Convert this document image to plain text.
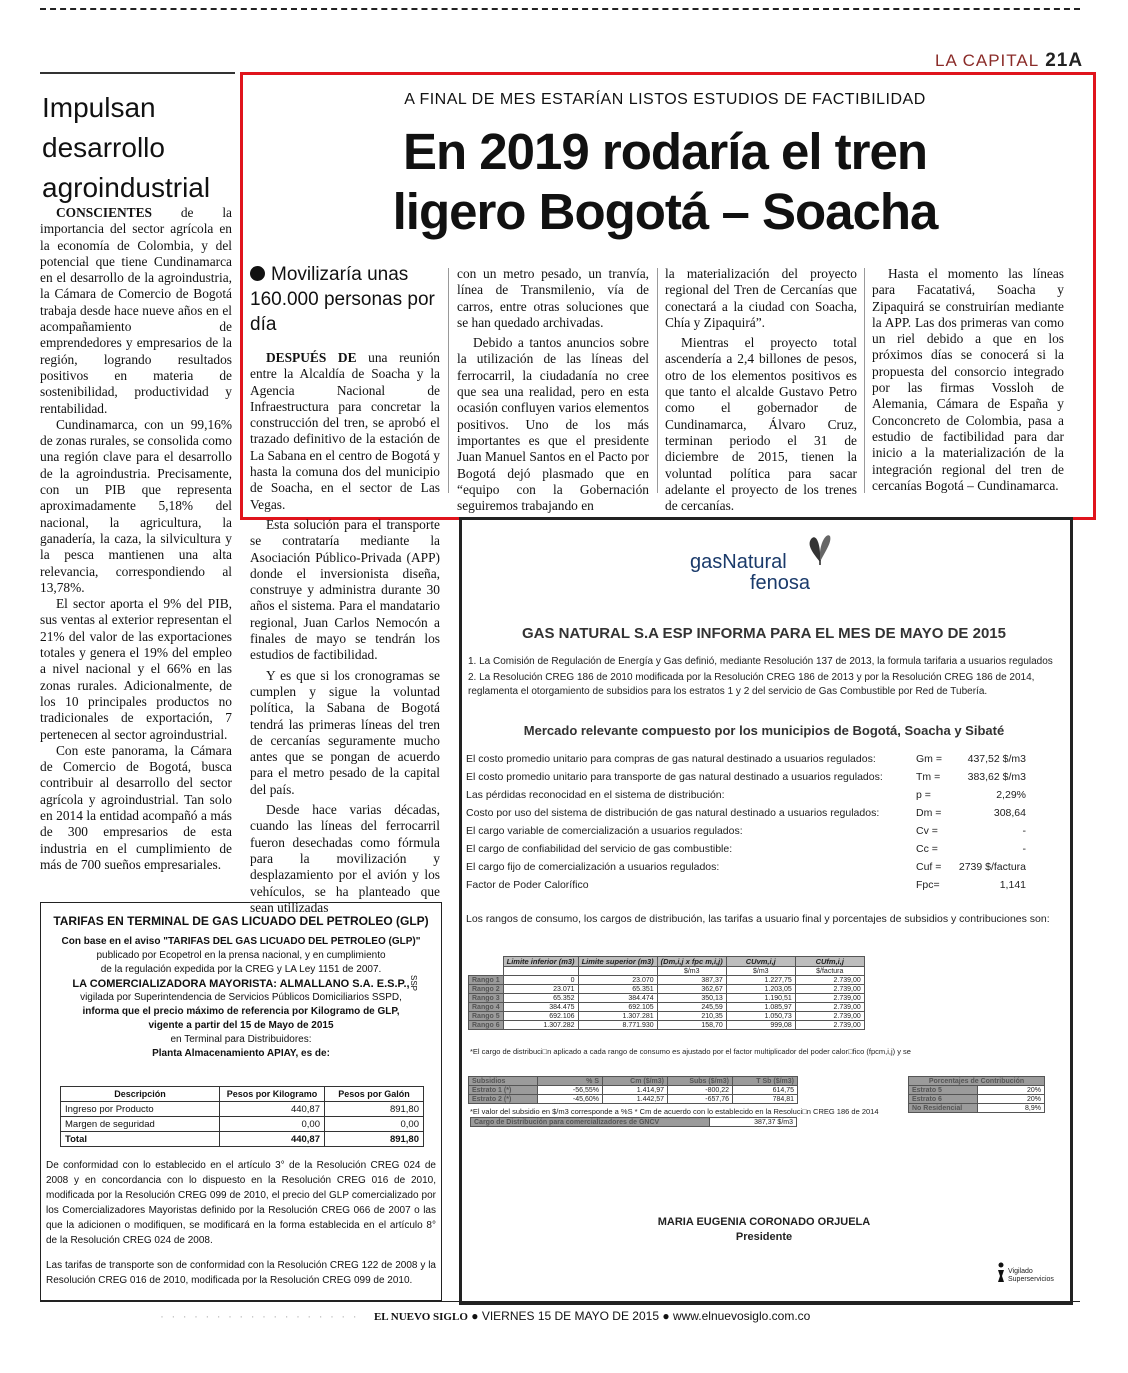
LA CAPITAL 21A
Impulsan desarrollo agroindustrial

CONSCIENTES de la importancia del sector agrícola en la economía de Colombia, y del potencial que tiene Cundinamarca en el desarrollo de la agroindustria, la Cámara de Comercio de Bogotá trabaja desde hace nueve años en el acompañamiento de emprendedores y empresarios de la región, logrando resultados positivos en materia de sostenibilidad, productividad y rentabilidad.

Cundinamarca, con un 99,16% de zonas rurales, se consolida como una región clave para el desarrollo de la agroindustria. Precisamente, con un PIB que representa aproximadamente 5,18% del nacional, la agricultura, la ganadería, la caza, la silvicultura y la pesca mantienen una alta relevancia, correspondiendo al 13,78%.

El sector aporta el 9% del PIB, sus ventas al exterior representan el 21% del valor de las exportaciones totales y genera el 19% del empleo a nivel nacional y el 66% en las zonas rurales. Adicionalmente, de los 10 principales productos no tradicionales de exportación, 7 pertenecen al sector agroindustrial.

Con este panorama, la Cámara de Comercio de Bogotá, busca contribuir al desarrollo del sector agrícola y agroindustrial. Tan solo en 2014 la entidad acompañó a más de 300 empresarios de esta industria en el cumplimiento de más de 700 sueños empresariales.

A FINAL DE MES ESTARÍAN LISTOS ESTUDIOS DE FACTIBILIDAD
En 2019 rodaría el tren
ligero Bogotá – Soacha
Movilizaría unas 160.000 personas por día

DESPUÉS DE una reunión entre la Alcaldía de Soacha y la Agencia Nacional de Infraestructura para concretar la construcción del tren, se aprobó el trazado definitivo de la estación de La Sabana en el centro de Bogotá y hasta la comuna dos del municipio de Soacha, en el sector de Las Vegas.

Esta solución para el transporte se contrataría mediante la Asociación Público-Privada (APP) donde el inversionista diseña, construye y administra durante 30 años el sistema. Para el mandatario regional, Juan Carlos Nemocón a finales de mayo se tendrán los estudios de factibilidad.

Y es que si los cronogramas se cumplen y sigue la voluntad política, la Sabana de Bogotá tendrá las primeras líneas del tren de cercanías seguramente mucho antes que se pongan de acuerdo para el metro pesado de la capital del país.

Desde hace varias décadas, cuando las líneas del ferrocarril fueron desechadas como fórmula para la movilización y desplazamiento por el avión y los vehículos, se ha planteado que sean utilizadas

con un metro pesado, un tranvía, línea de Transmilenio, vía de carros, entre otras soluciones que se han quedado archivadas.

Debido a tantos anuncios sobre la utilización de las líneas del ferrocarril, la ciudadanía no cree que sea una realidad, pero en esta ocasión confluyen varios elementos positivos. Uno de los más importantes es que el presidente Juan Manuel Santos en el Pacto por Bogotá dejó plasmado que en “equipo con la Gobernación seguiremos trabajando en

la materialización del proyecto regional del Tren de Cercanías que conectará a la ciudad con Soacha, Chía y Zipaquirá”.

Mientras el proyecto total ascendería a 2,4 billones de pesos, otro de los elementos positivos es que tanto el alcalde Gustavo Petro como el gobernador de Cundinamarca, Álvaro Cruz, terminan periodo el 31 de diciembre de 2015, tienen la voluntad política para sacar adelante el proyecto de los trenes de cercanías.

Hasta el momento las líneas para Facatativá, Soacha y Zipaquirá se construirían mediante la APP. Las dos primeras van como un riel debido a que en los próximos días se conocerá si la propuesta del consorcio integrado por las firmas Vossloh de Alemania, Cámara de España y Conconcreto de Colombia, pasa a estudio de factibilidad para dar inicio a la materialización de la integración regional del tren de cercanías Bogotá – Cundinamarca.

gasNatural
fenosa
GAS NATURAL S.A ESP INFORMA PARA EL MES DE MAYO DE 2015
1. La Comisión de Regulación de Energía y Gas definió, mediante Resolución 137 de 2013, la formula tarifaria a usuarios regulados
2. La Resolución CREG 186 de 2010 modificada por la Resolución CREG 186 de 2013 y por la Resolución CREG 186 de 2014, reglamenta el otorgamiento de subsidios para los estratos 1 y 2 del servicio de Gas Combustible por Red de Tubería.
Mercado relevante compuesto por los municipios de Bogotá, Soacha y Sibaté
El costo promedio unitario para compras de gas natural destinado a usuarios regulados:	Gm = 437,52 $/m3
El costo promedio unitario para transporte de gas natural destinado a usuarios regulados:	Tm =	383,62 $/m3
Las pérdidas reconocidad en el sistema de distribución:	p =	2,29%
Costo por uso del sistema de distribución de gas natural destinado a usuarios regulados:	Dm =	308,64
El cargo variable de comercialización a usuarios regulados:	Cv =	-
El cargo de confiabilidad del servicio de gas combustible:	Cc =	-
El cargo fijo de comercialización a usuarios regulados:	Cuf = 2739 $/factura
Factor de Poder Calorífico	Fpc=	1,141
Los rangos de consumo, los cargos de distribución, las tarifas a usuario final y porcentajes de subsidios y contribuciones son:
	Limite inferior (m3)	Limite superior (m3)	(Dm,i,j x fpc m,i,j)	CUvm,i,j	CUfm,i,j
			$/m3	$/m3	$/factura
Rango 1	0	23.070	387,37	1.227,75	2.739,00
Rango 2	23.071	65.351	362,67	1.203,05	2.739,00
Rango 3	65.352	384.474	350,13	1.190,51	2.739,00
Rango 4	384.475	692.105	245,59	1.085,97	2.739,00
Rango 5	692.106	1.307.281	210,35	1.050,73	2.739,00
Rango 6	1.307.282	8.771.930	158,70	999,08	2.739,00
*El cargo de distribuci□n aplicado a cada rango de consumo es ajustado por el factor multiplicador del poder calor□fico (fpcm,i,j) y se
Subsidios	% S	Cm ($/m3)	Subs ($/m3)	T Sb ($/m3)
Estrato 1 (*)	-56,55%	1.414,97	-800,22	614,75
Estrato 2 (*)	-45,60%	1.442,57	-657,76	784,81
*El valor del subsidio en $/m3 corresponde a %S * Cm de acuerdo con lo establecido en la Resoluci□n CREG 186 de 2014
Cargo de Distribución para comercializadores de GNCV	387,37 $/m3
Porcentajes de Contribución	
Estrato 5	20%
Estrato 6	20%
No Residencial	8,9%
MARIA EUGENIA CORONADO ORJUELA
Presidente
Vigilado Superservicios
TARIFAS EN TERMINAL DE GAS LICUADO DEL PETROLEO (GLP)
Con base en el aviso "TARIFAS DEL GAS LICUADO DEL PETROLEO (GLP)"
publicado por Ecopetrol en la prensa nacional, y en cumplimiento
de la regulación expedida por la CREG y LA Ley 1151 de 2007.
LA COMERCIALIZADORA MAYORISTA: ALMALLANO S.A. E.S.P.,
vigilada por Superintendencia de Servicios Públicos Domiciliarios SSPD,
informa que el precio máximo de referencia por Kilogramo de GLP,
vigente a partir del 15 de Mayo de 2015
en Terminal para Distribuidores:
Planta Almacenamiento APIAY, es de:
SSP
Descripción	Pesos por Kilogramo	Pesos por Galón
Ingreso por Producto	440,87	891,80
Margen de seguridad	0,00	0,00
Total	440,87	891,80
De conformidad con lo establecido en el artículo 3° de la Resolución CREG 024 de 2008 y en concordancia con lo dispuesto en la Resolución CREG 016 de 2010, modificada por la Resolución CREG 099 de 2010, el precio del GLP comercializado por los Comercializadores Mayoristas definido por la Resolución CREG 066 de 2007 o las que la adicionen o modifiquen, se modificará en la forma establecida en el artículo 8° de la Resolución CREG 024 de 2008.
Las tarifas de transporte son de conformidad con la Resolución CREG 122 de 2008 y la Resolución CREG 016 de 2010, modificada por la Resolución CREG 099 de 2010.
· · · · · · · · · · · · · · · · · · EL NUEVO SIGLO ● VIERNES 15 DE MAYO DE 2015 ● www.elnuevosiglo.com.co
